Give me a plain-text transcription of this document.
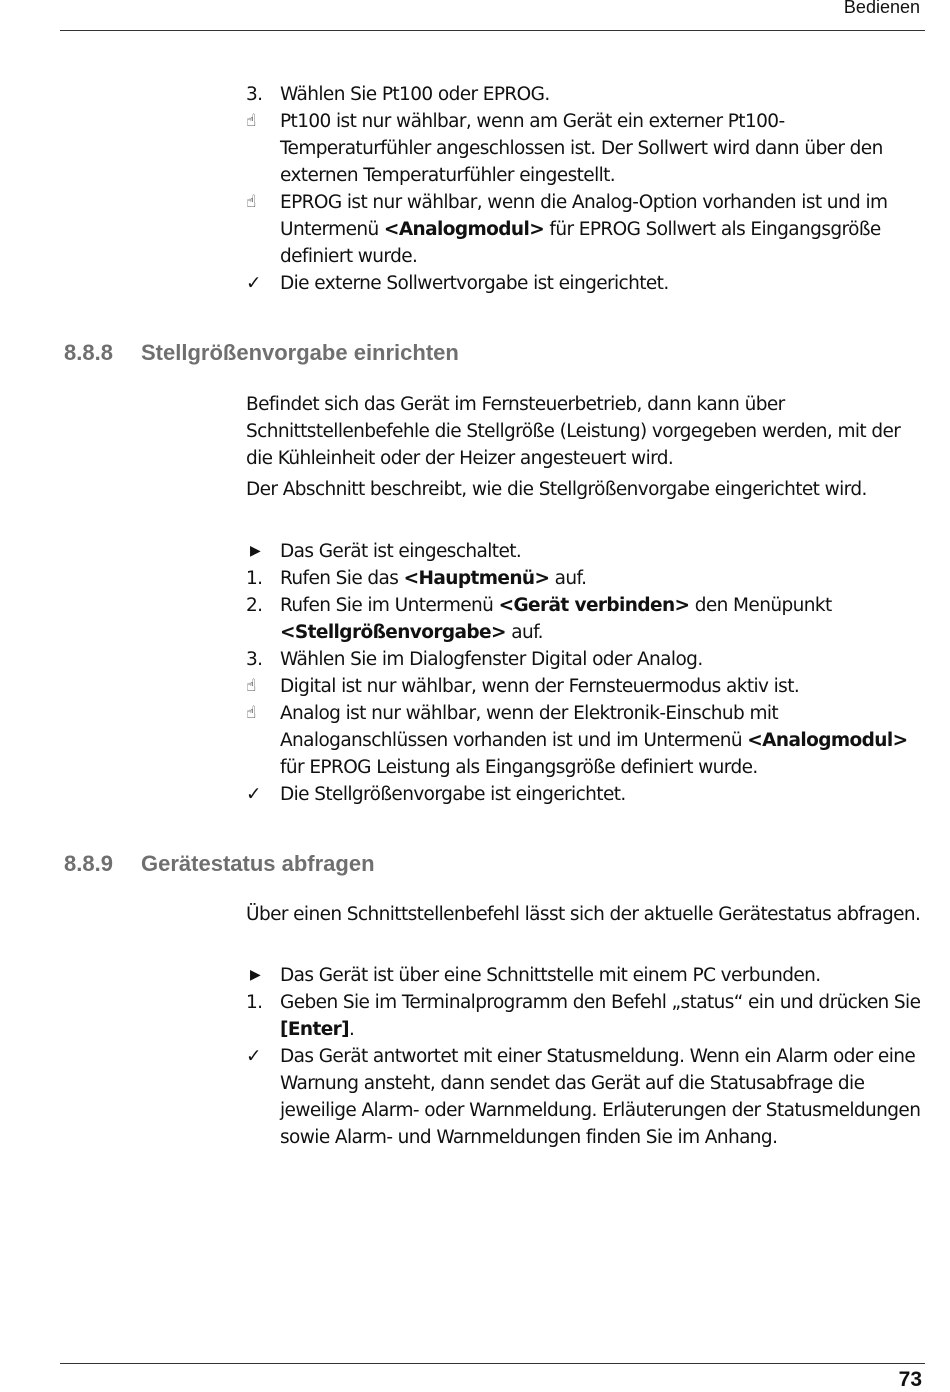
Bedienen
3. Wählen Sie Pt100 oder EPROG.
☝	Pt100 ist nur wählbar, wenn am Gerät ein externer Pt100-Temperaturfühler angeschlossen ist. Der Sollwert wird dann über den externen Temperaturfühler eingestellt.
☝	EPROG ist nur wählbar, wenn die Analog-Option vorhanden ist und im Untermenü <Analogmodul> für EPROG Sollwert als Eingangsgröße definiert wurde.
✓	Die externe Sollwertvorgabe ist eingerichtet.
8.8.8 Stellgrößenvorgabe einrichten

Befindet sich das Gerät im Fernsteuerbetrieb, dann kann über Schnittstellenbefehle die Stellgröße (Leistung) vorgegeben werden, mit der die Kühleinheit oder der Heizer angesteuert wird.

Der Abschnitt beschreibt, wie die Stellgrößenvorgabe eingerichtet wird.

▶	Das Gerät ist eingeschaltet.
1. Rufen Sie das <Hauptmenü> auf.
2. Rufen Sie im Untermenü <Gerät verbinden> den Menüpunkt <Stellgrößenvorgabe> auf.
3. Wählen Sie im Dialogfenster Digital oder Analog.
☝	Digital ist nur wählbar, wenn der Fernsteuermodus aktiv ist.
☝	Analog ist nur wählbar, wenn der Elektronik-Einschub mit Analoganschlüssen vorhanden ist und im Untermenü <Analogmodul> für EPROG Leistung als Eingangsgröße definiert wurde.
✓	Die Stellgrößenvorgabe ist eingerichtet.
8.8.9 Gerätestatus abfragen

Über einen Schnittstellenbefehl lässt sich der aktuelle Gerätestatus abfragen.

▶	Das Gerät ist über eine Schnittstelle mit einem PC verbunden.
1. Geben Sie im Terminalprogramm den Befehl „status“ ein und drücken Sie [Enter].
✓	Das Gerät antwortet mit einer Statusmeldung. Wenn ein Alarm oder eine Warnung ansteht, dann sendet das Gerät auf die Statusabfrage die jeweilige Alarm- oder Warnmeldung. Erläuterungen der Statusmeldungen sowie Alarm- und Warnmeldungen finden Sie im Anhang.
73
